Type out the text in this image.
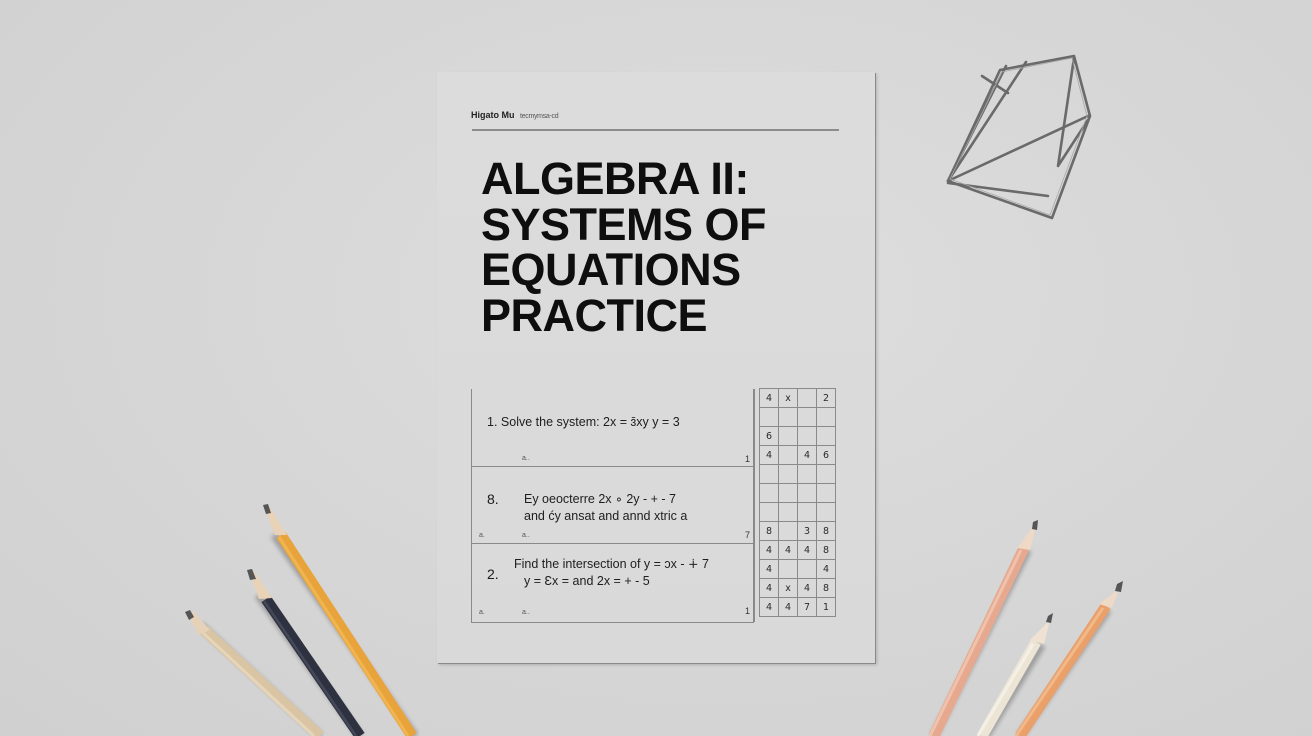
Higato Mu tecmymsa-cd
ALGEBRA II:
SYSTEMS OF
EQUATIONS
PRACTICE
1. Solve the system: 2x = ɜ̄xy y = 3
a..	1
8. Ey oeocterre 2x ∘ 2y - + - 7
and ćy ansat and annd xtric a
a.	a..	7
2.
Find the intersection of y = ɔx - ∔ 7
y = Ɛx = and 2x = + - 5
a.	a..	1
4	x		2

6			
4		4	6

8		3	8
4	4	4	8
4			4
4	x	4	8
4	4	7	1
